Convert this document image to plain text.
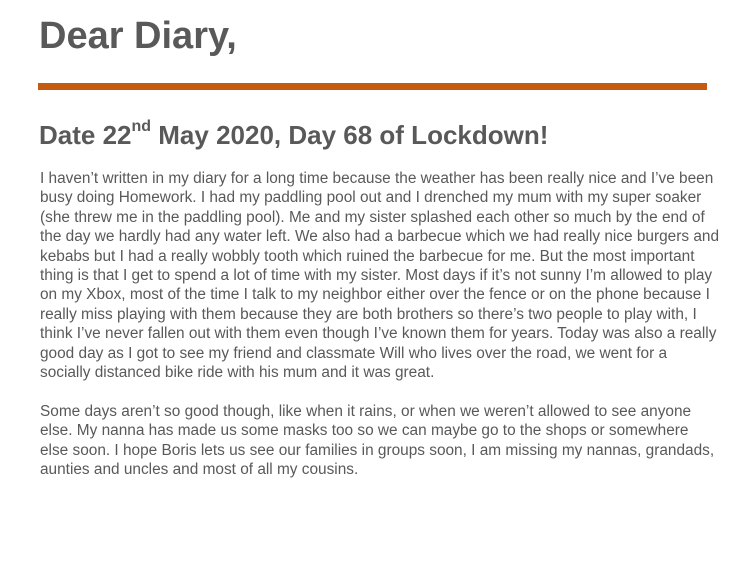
Dear Diary,
Date 22nd May 2020, Day 68 of Lockdown!

I haven’t written in my diary for a long time because the weather has been really nice and I’ve been busy doing Homework. I had my paddling pool out and I drenched my mum with my super soaker (she threw me in the paddling pool). Me and my sister splashed each other so much by the end of the day we hardly had any water left. We also had a barbecue which we had really nice burgers and kebabs but I had a really wobbly tooth which ruined the barbecue for me. But the most important thing is that I get to spend a lot of time with my sister. Most days if it’s not sunny I’m allowed to play on my Xbox, most of the time I talk to my neighbor either over the fence or on the phone because I really miss playing with them because they are both brothers so there’s two people to play with, I think I’ve never fallen out with them even though I’ve known them for years. Today was also a really good day as I got to see my friend and classmate Will who lives over the road, we went for a socially distanced bike ride with his mum and it was great.

Some days aren’t so good though, like when it rains, or when we weren’t allowed to see anyone else. My nanna has made us some masks too so we can maybe go to the shops or somewhere else soon. I hope Boris lets us see our families in groups soon, I am missing my nannas, grandads, aunties and uncles and most of all my cousins.
